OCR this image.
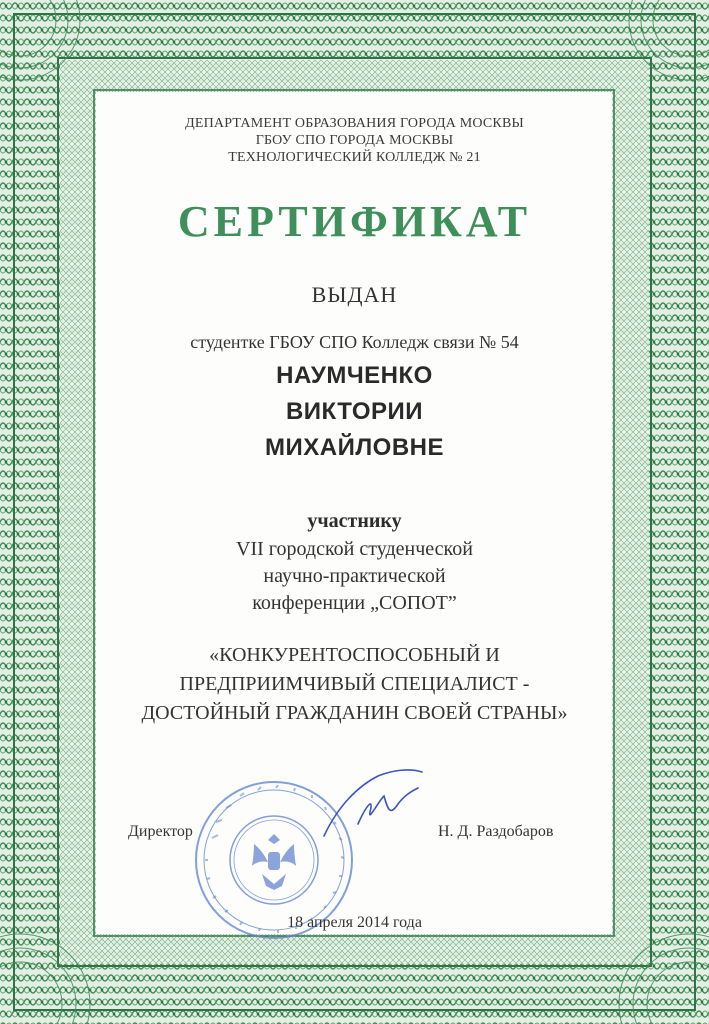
ДЕПАРТАМЕНТ ОБРАЗОВАНИЯ ГОРОДА МОСКВЫ

ГБОУ СПО ГОРОДА МОСКВЫ

ТЕХНОЛОГИЧЕСКИЙ КОЛЛЕДЖ № 21

СЕРТИФИКАТ

ВЫДАН

студентке ГБОУ СПО Колледж связи № 54

НАУМЧЕНКО

ВИКТОРИИ

МИХАЙЛОВНЕ

участнику

VII городской студенческой

научно-практической

конференции „СОПОТ”

«КОНКУРЕНТОСПОСОБНЫЙ И

ПРЕДПРИИМЧИВЫЙ СПЕЦИАЛИСТ -

ДОСТОЙНЫЙ ГРАЖДАНИН СВОЕЙ СТРАНЫ»

Директор	Н. Д. Раздобаров

18 апреля 2014 года
